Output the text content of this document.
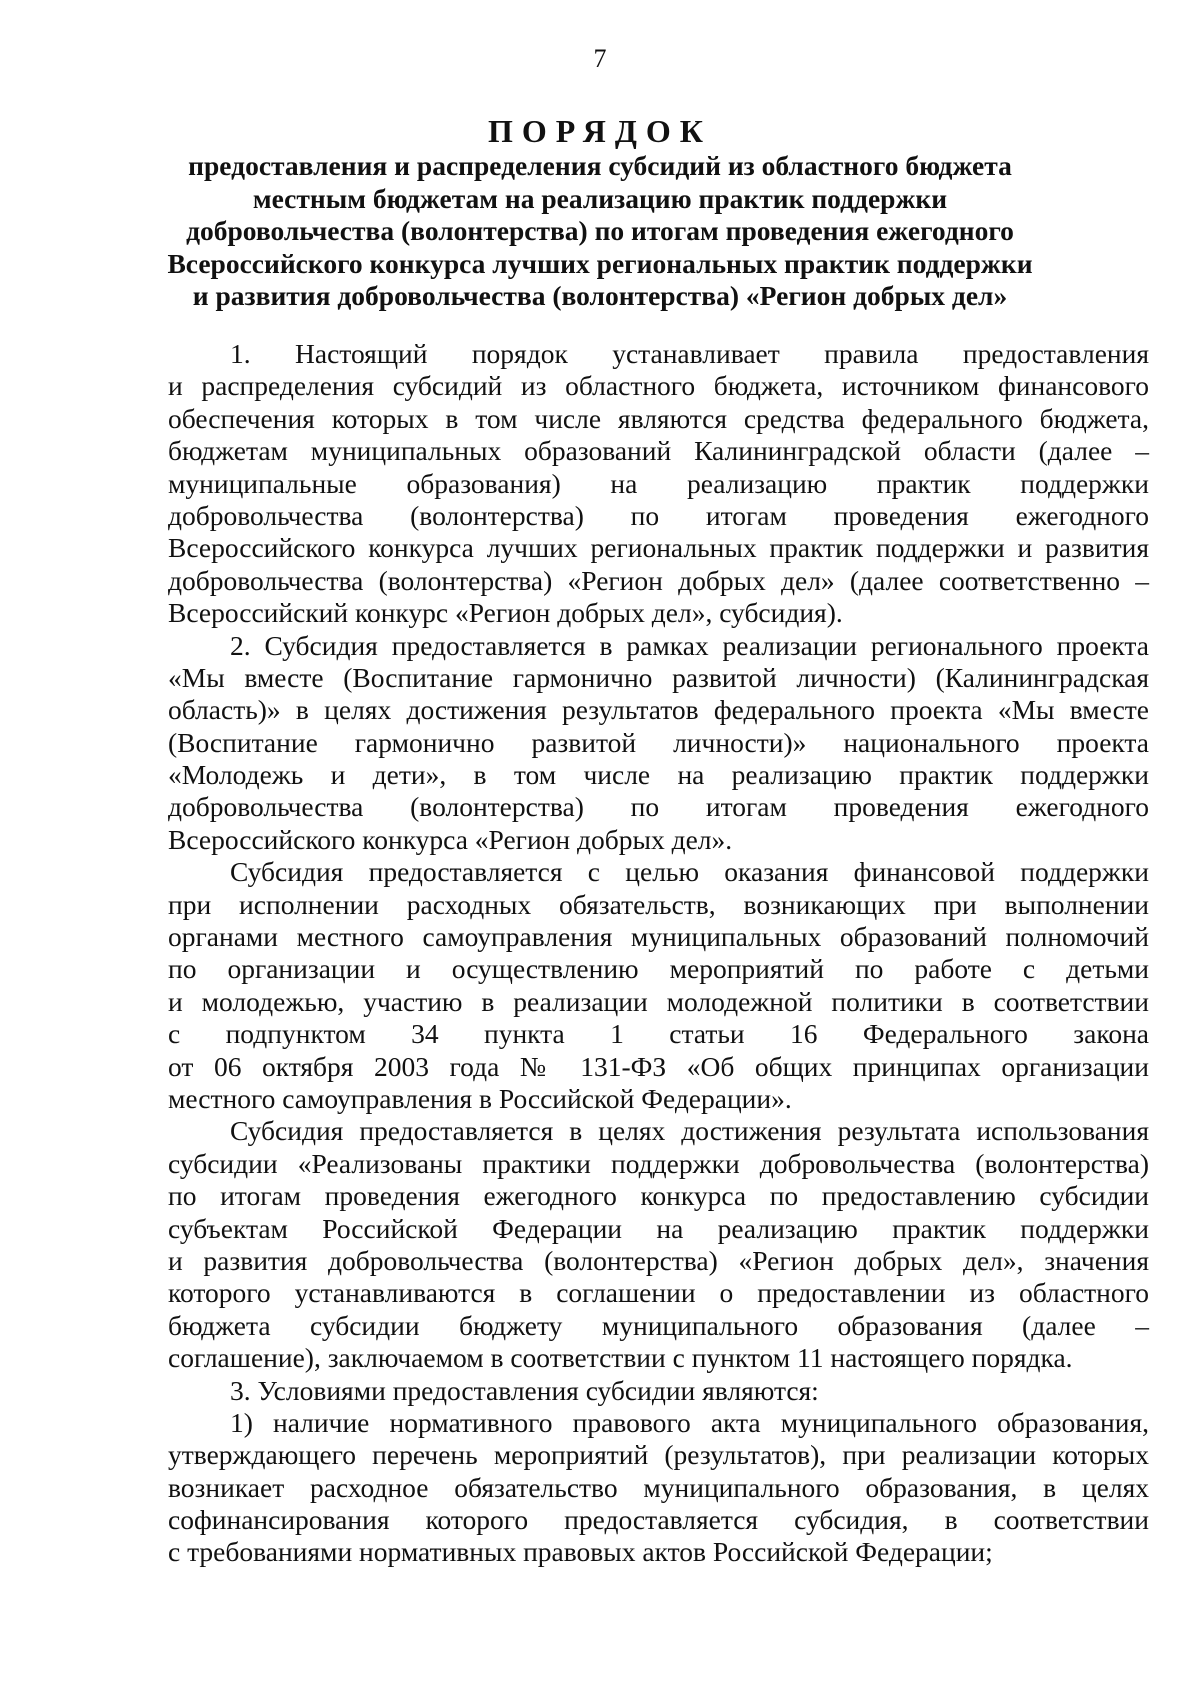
7
ПОРЯДОК
предоставления и распределения субсидий из областного бюджета
местным бюджетам на реализацию практик поддержки
добровольчества (волонтерства) по итогам проведения ежегодного
Всероссийского конкурса лучших региональных практик поддержки
и развития добровольчества (волонтерства) «Регион добрых дел»
1. Настоящий порядок устанавливает правила предоставления
и распределения субсидий из областного бюджета, источником финансового
обеспечения которых в том числе являются средства федерального бюджета,
бюджетам муниципальных образований Калининградской области (далее –
муниципальные образования) на реализацию практик поддержки
добровольчества (волонтерства) по итогам проведения ежегодного
Всероссийского конкурса лучших региональных практик поддержки и развития
добровольчества (волонтерства) «Регион добрых дел» (далее соответственно –
Всероссийский конкурс «Регион добрых дел», субсидия).
2. Субсидия предоставляется в рамках реализации регионального проекта
«Мы вместе (Воспитание гармонично развитой личности) (Калининградская
область)» в целях достижения результатов федерального проекта «Мы вместе
(Воспитание гармонично развитой личности)» национального проекта
«Молодежь и дети», в том числе на реализацию практик поддержки
добровольчества (волонтерства) по итогам проведения ежегодного
Всероссийского конкурса «Регион добрых дел».
Субсидия предоставляется с целью оказания финансовой поддержки
при исполнении расходных обязательств, возникающих при выполнении
органами местного самоуправления муниципальных образований полномочий
по организации и осуществлению мероприятий по работе с детьми
и молодежью, участию в реализации молодежной политики в соответствии
с подпунктом 34 пункта 1 статьи 16 Федерального закона
от 06 октября 2003 года № 131-ФЗ «Об общих принципах организации
местного самоуправления в Российской Федерации».
Субсидия предоставляется в целях достижения результата использования
субсидии «Реализованы практики поддержки добровольчества (волонтерства)
по итогам проведения ежегодного конкурса по предоставлению субсидии
субъектам Российской Федерации на реализацию практик поддержки
и развития добровольчества (волонтерства) «Регион добрых дел», значения
которого устанавливаются в соглашении о предоставлении из областного
бюджета субсидии бюджету муниципального образования (далее –
соглашение), заключаемом в соответствии с пунктом 11 настоящего порядка.
3. Условиями предоставления субсидии являются:
1) наличие нормативного правового акта муниципального образования,
утверждающего перечень мероприятий (результатов), при реализации которых
возникает расходное обязательство муниципального образования, в целях
софинансирования которого предоставляется субсидия, в соответствии
с требованиями нормативных правовых актов Российской Федерации;
